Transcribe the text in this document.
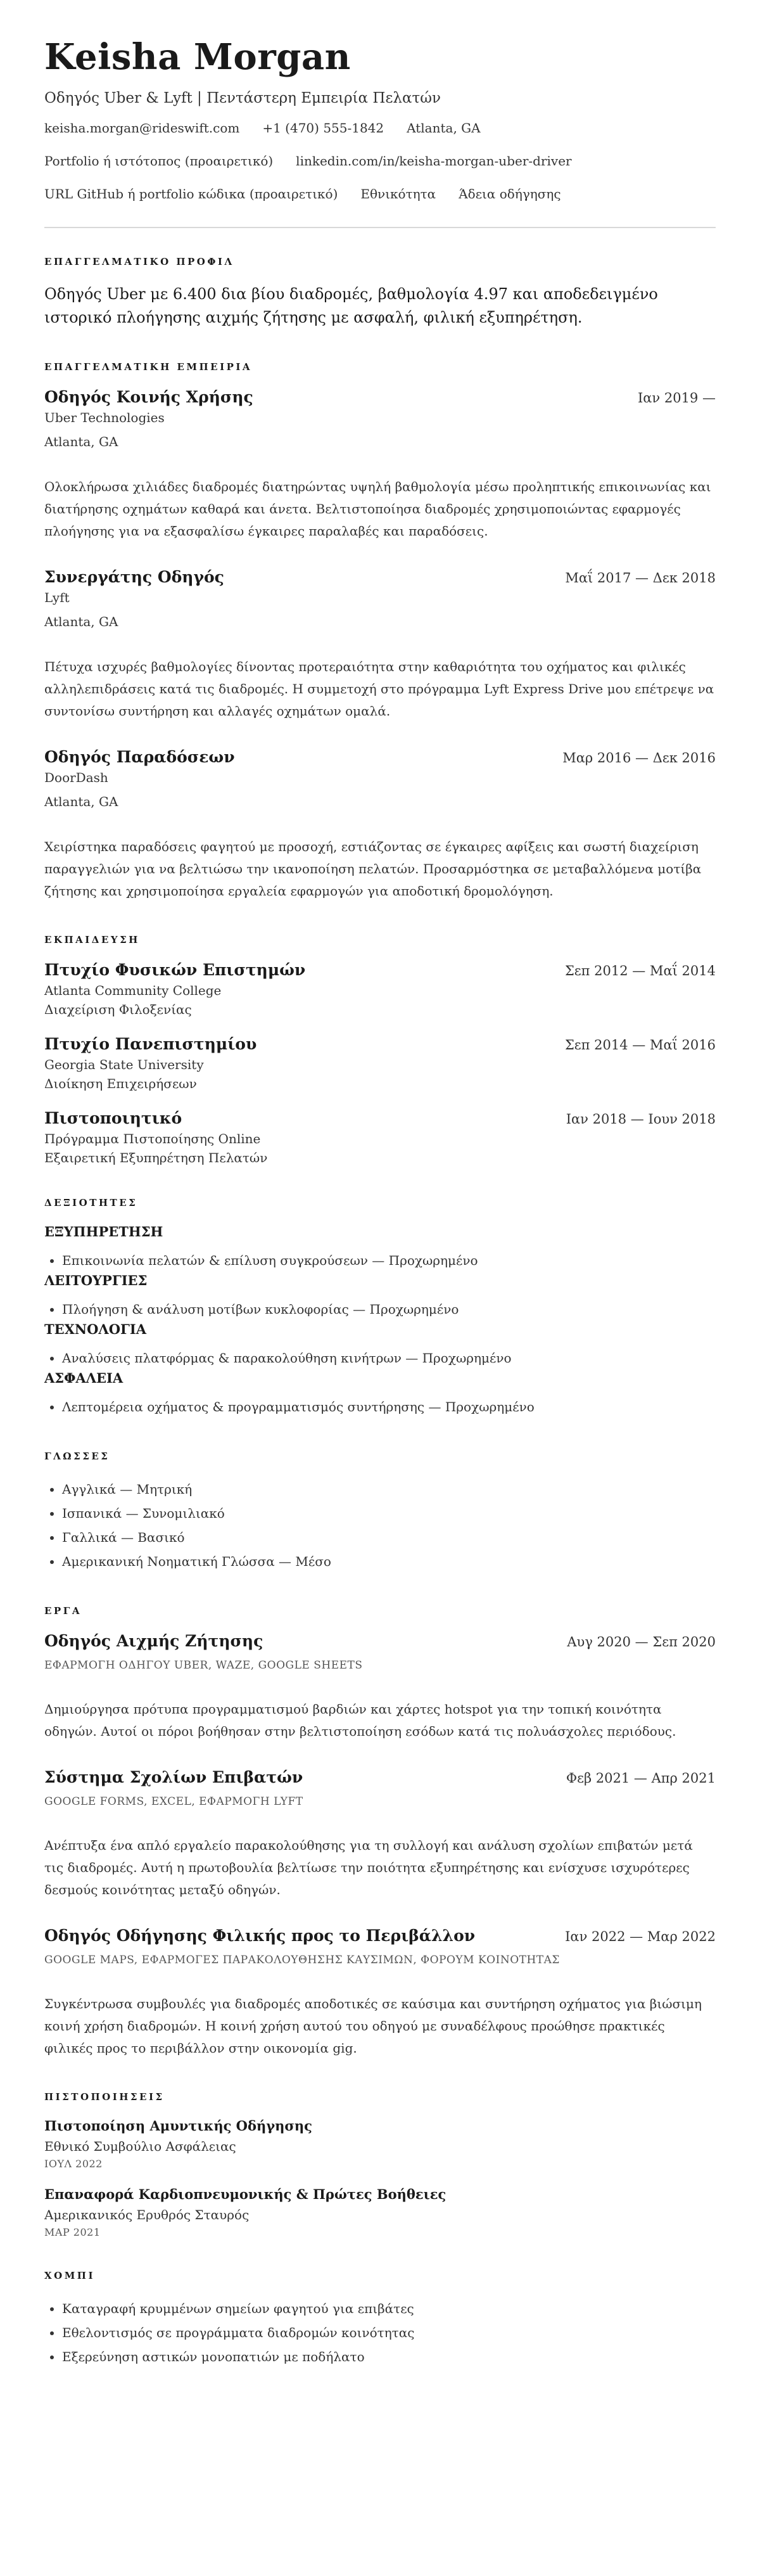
Keisha Morgan
Οδηγός Uber & Lyft | Πεντάστερη Εμπειρία Πελατών
keisha.morgan@rideswift.com +1 (470) 555-1842 Atlanta, GA
Portfolio ή ιστότοπος (προαιρετικό) linkedin.com/in/keisha-morgan-uber-driver
URL GitHub ή portfolio κώδικα (προαιρετικό) Εθνικότητα Άδεια οδήγησης
ΕΠΑΓΓΕΛΜΑΤΙΚΟ ΠΡΟΦΙΛ

Οδηγός Uber με 6.400 δια βίου διαδρομές, βαθμολογία 4.97 και αποδεδειγμένο ιστορικό πλοήγησης αιχμής ζήτησης με ασφαλή, φιλική εξυπηρέτηση.

ΕΠΑΓΓΕΛΜΑΤΙΚΗ ΕΜΠΕΙΡΙΑ
Οδηγός Κοινής Χρήσης	Ιαν 2019 —
Uber Technologies
Atlanta, GA
Ολοκλήρωσα χιλιάδες διαδρομές διατηρώντας υψηλή βαθμολογία μέσω προληπτικής επικοινωνίας και διατήρησης οχημάτων καθαρά και άνετα. Βελτιστοποίησα διαδρομές χρησιμοποιώντας εφαρμογές πλοήγησης για να εξασφαλίσω έγκαιρες παραλαβές και παραδόσεις.
Συνεργάτης Οδηγός	Μαΐ 2017 — Δεκ 2018
Lyft
Atlanta, GA
Πέτυχα ισχυρές βαθμολογίες δίνοντας προτεραιότητα στην καθαριότητα του οχήματος και φιλικές αλληλεπιδράσεις κατά τις διαδρομές. Η συμμετοχή στο πρόγραμμα Lyft Express Drive μου επέτρεψε να συντονίσω συντήρηση και αλλαγές οχημάτων ομαλά.
Οδηγός Παραδόσεων	Μαρ 2016 — Δεκ 2016
DoorDash
Atlanta, GA
Χειρίστηκα παραδόσεις φαγητού με προσοχή, εστιάζοντας σε έγκαιρες αφίξεις και σωστή διαχείριση παραγγελιών για να βελτιώσω την ικανοποίηση πελατών. Προσαρμόστηκα σε μεταβαλλόμενα μοτίβα ζήτησης και χρησιμοποίησα εργαλεία εφαρμογών για αποδοτική δρομολόγηση.
ΕΚΠΑΙΔΕΥΣΗ
Πτυχίο Φυσικών Επιστημών	Σεπ 2012 — Μαΐ 2014
Atlanta Community College
Διαχείριση Φιλοξενίας
Πτυχίο Πανεπιστημίου	Σεπ 2014 — Μαΐ 2016
Georgia State University
Διοίκηση Επιχειρήσεων
Πιστοποιητικό	Ιαν 2018 — Ιουν 2018
Πρόγραμμα Πιστοποίησης Online
Εξαιρετική Εξυπηρέτηση Πελατών
ΔΕΞΙΟΤΗΤΕΣ
ΕΞΥΠΗΡΕΤΗΣΗ
• Επικοινωνία πελατών & επίλυση συγκρούσεων — Προχωρημένο
ΛΕΙΤΟΥΡΓΙΕΣ
• Πλοήγηση & ανάλυση μοτίβων κυκλοφορίας — Προχωρημένο
ΤΕΧΝΟΛΟΓΙΑ
• Αναλύσεις πλατφόρμας & παρακολούθηση κινήτρων — Προχωρημένο
ΑΣΦΑΛΕΙΑ
• Λεπτομέρεια οχήματος & προγραμματισμός συντήρησης — Προχωρημένο
ΓΛΩΣΣΕΣ
• Αγγλικά — Μητρική
• Ισπανικά — Συνομιλιακό
• Γαλλικά — Βασικό
• Αμερικανική Νοηματική Γλώσσα — Μέσο
ΕΡΓΑ
Οδηγός Αιχμής Ζήτησης	Αυγ 2020 — Σεπ 2020
ΕΦΑΡΜΟΓΗ ΟΔΗΓΟΥ UBER, WAZE, GOOGLE SHEETS
Δημιούργησα πρότυπα προγραμματισμού βαρδιών και χάρτες hotspot για την τοπική κοινότητα οδηγών. Αυτοί οι πόροι βοήθησαν στην βελτιστοποίηση εσόδων κατά τις πολυάσχολες περιόδους.
Σύστημα Σχολίων Επιβατών	Φεβ 2021 — Απρ 2021
GOOGLE FORMS, EXCEL, ΕΦΑΡΜΟΓΗ LYFT
Ανέπτυξα ένα απλό εργαλείο παρακολούθησης για τη συλλογή και ανάλυση σχολίων επιβατών μετά τις διαδρομές. Αυτή η πρωτοβουλία βελτίωσε την ποιότητα εξυπηρέτησης και ενίσχυσε ισχυρότερες δεσμούς κοινότητας μεταξύ οδηγών.
Οδηγός Οδήγησης Φιλικής προς το Περιβάλλον	Ιαν 2022 — Μαρ 2022
GOOGLE MAPS, ΕΦΑΡΜΟΓΕΣ ΠΑΡΑΚΟΛΟΥΘΗΣΗΣ ΚΑΥΣΙΜΩΝ, ΦΟΡΟΥΜ ΚΟΙΝΟΤΗΤΑΣ
Συγκέντρωσα συμβουλές για διαδρομές αποδοτικές σε καύσιμα και συντήρηση οχήματος για βιώσιμη κοινή χρήση διαδρομών. Η κοινή χρήση αυτού του οδηγού με συναδέλφους προώθησε πρακτικές φιλικές προς το περιβάλλον στην οικονομία gig.
ΠΙΣΤΟΠΟΙΗΣΕΙΣ
Πιστοποίηση Αμυντικής Οδήγησης
Εθνικό Συμβούλιο Ασφάλειας
ΙΟΥΛ 2022
Επαναφορά Καρδιοπνευμονικής & Πρώτες Βοήθειες
Αμερικανικός Ερυθρός Σταυρός
ΜΑΡ 2021
ΧΟΜΠΙ
• Καταγραφή κρυμμένων σημείων φαγητού για επιβάτες
• Εθελοντισμός σε προγράμματα διαδρομών κοινότητας
• Εξερεύνηση αστικών μονοπατιών με ποδήλατο
